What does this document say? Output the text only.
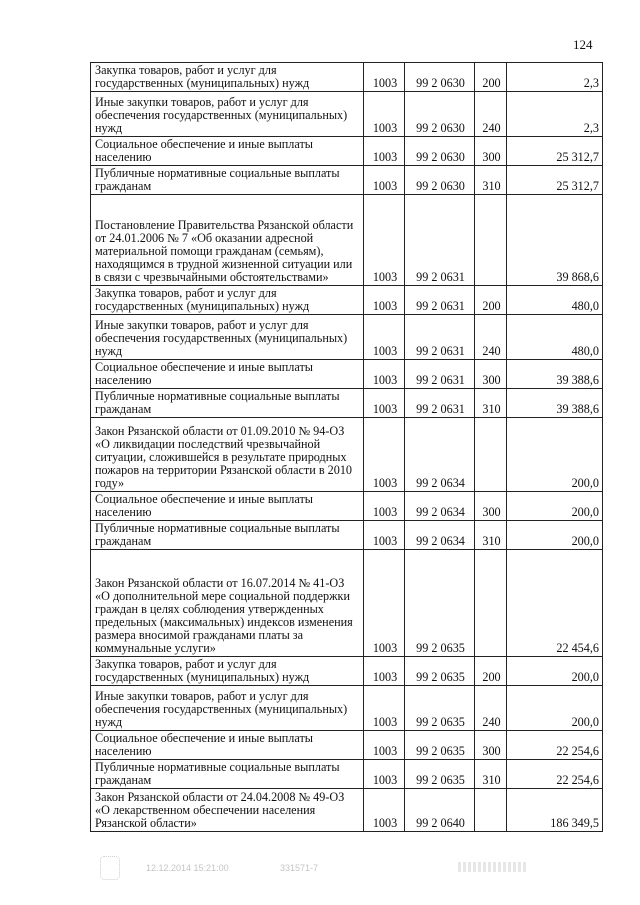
124
Закупка товаров, работ и услуг для государственных (муниципальных) нужд	1003	99 2 0630	200	2,3
Иные закупки товаров, работ и услуг для обеспечения государственных (муниципальных) нужд	1003	99 2 0630	240	2,3
Социальное обеспечение и иные выплаты населению	1003	99 2 0630	300	25 312,7
Публичные нормативные социальные выплаты гражданам	1003	99 2 0630	310	25 312,7
Постановление Правительства Рязанской области от 24.01.2006 № 7 «Об оказании адресной материальной помощи гражданам (семьям), находящимся в трудной жизненной ситуации или в связи с чрезвычайными обстоятельствами»	1003	99 2 0631		39 868,6
Закупка товаров, работ и услуг для государственных (муниципальных) нужд	1003	99 2 0631	200	480,0
Иные закупки товаров, работ и услуг для обеспечения государственных (муниципальных) нужд	1003	99 2 0631	240	480,0
Социальное обеспечение и иные выплаты населению	1003	99 2 0631	300	39 388,6
Публичные нормативные социальные выплаты гражданам	1003	99 2 0631	310	39 388,6
Закон Рязанской области от 01.09.2010 № 94-ОЗ «О ликвидации последствий чрезвычайной ситуации, сложившейся в результате природных пожаров на территории Рязанской области в 2010 году»	1003	99 2 0634		200,0
Социальное обеспечение и иные выплаты населению	1003	99 2 0634	300	200,0
Публичные нормативные социальные выплаты гражданам	1003	99 2 0634	310	200,0
Закон Рязанской области от 16.07.2014 № 41-ОЗ «О дополнительной мере социальной поддержки граждан в целях соблюдения утвержденных предельных (максимальных) индексов изменения размера вносимой гражданами платы за коммунальные услуги»	1003	99 2 0635		22 454,6
Закупка товаров, работ и услуг для государственных (муниципальных) нужд	1003	99 2 0635	200	200,0
Иные закупки товаров, работ и услуг для обеспечения государственных (муниципальных) нужд	1003	99 2 0635	240	200,0
Социальное обеспечение и иные выплаты населению	1003	99 2 0635	300	22 254,6
Публичные нормативные социальные выплаты гражданам	1003	99 2 0635	310	22 254,6
Закон Рязанской области от 24.04.2008 № 49-ОЗ «О лекарственном обеспечении населения Рязанской области»	1003	99 2 0640		186 349,5
12.12.2014 15:21:00	331571-7
